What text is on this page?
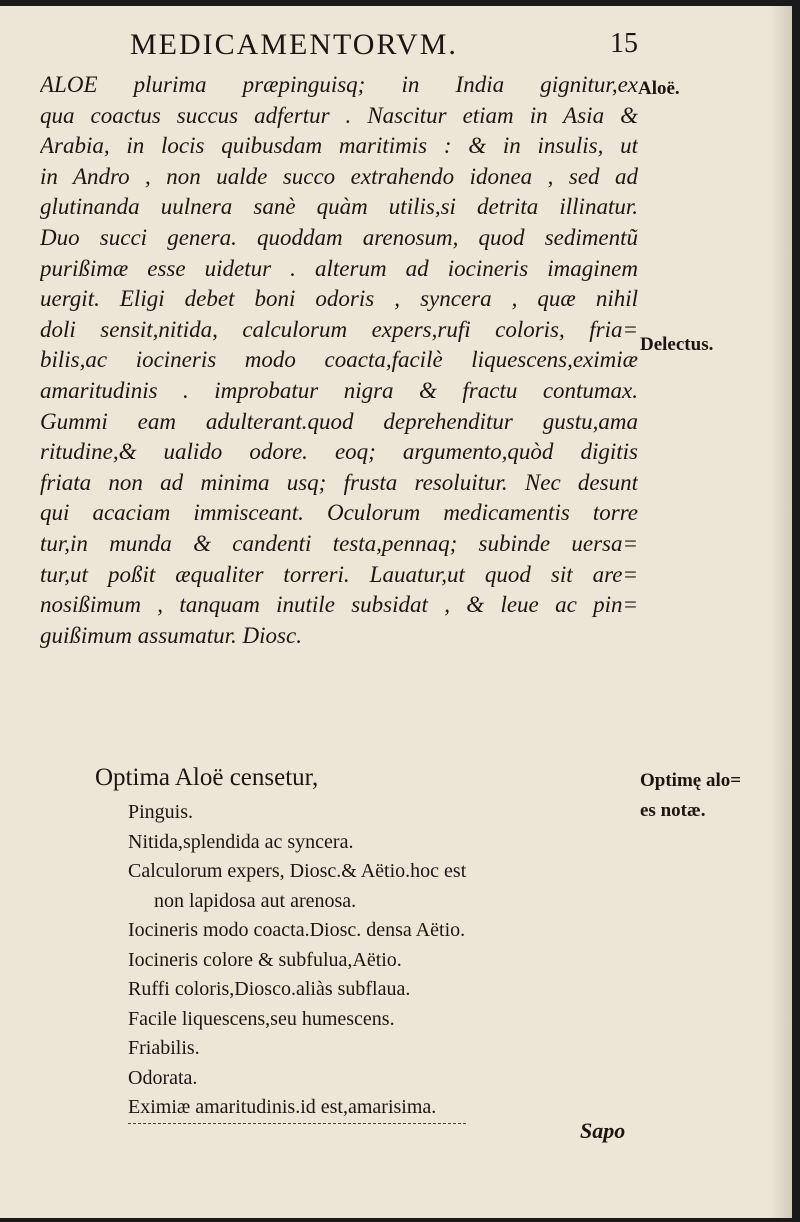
MEDICAMENTORVM.	15
ALOE plurima præpinguisq; in India gignitur,ex
qua coactus succus adfertur . Nascitur etiam in Asia &
Arabia, in locis quibusdam maritimis : & in insulis, ut
in Andro , non ualde succo extrahendo idonea , sed ad
glutinanda uulnera sanè quàm utilis,si detrita illinatur.
Duo succi genera. quoddam arenosum, quod sedimentũ
purißimæ esse uidetur . alterum ad iocineris imaginem
uergit. Eligi debet boni odoris , syncera , quæ nihil
doli sensit,nitida, calculorum expers,rufi coloris, fria=
bilis,ac iocineris modo coacta,facilè liquescens,eximiæ
amaritudinis . improbatur nigra & fractu contumax.
Gummi eam adulterant.quod deprehenditur gustu,ama
ritudine,& ualido odore. eoq; argumento,quòd digitis
friata non ad minima usq; frusta resoluitur. Nec desunt
qui acaciam immisceant. Oculorum medicamentis torre
tur,in munda & candenti testa,pennaq; subinde uersa=
tur,ut poßit æqualiter torreri. Lauatur,ut quod sit are=
nosißimum , tanquam inutile subsidat , & leue ac pin=
guißimum assumatur. Diosc.
Aloë.
Delectus.
Optimę alo=
es notæ.
Optima Aloë censetur,
Pinguis.
Nitida,splendida ac syncera.
Calculorum expers, Diosc.& Aëtio.hoc est
non lapidosa aut arenosa.
Iocineris modo coacta.Diosc. densa Aëtio.
Iocineris colore & subfulua,Aëtio.
Ruffi coloris,Diosco.aliàs subflaua.
Facile liquescens,seu humescens.
Friabilis.
Odorata.
Eximiæ amaritudinis.id est,amarisima.
Sapo
